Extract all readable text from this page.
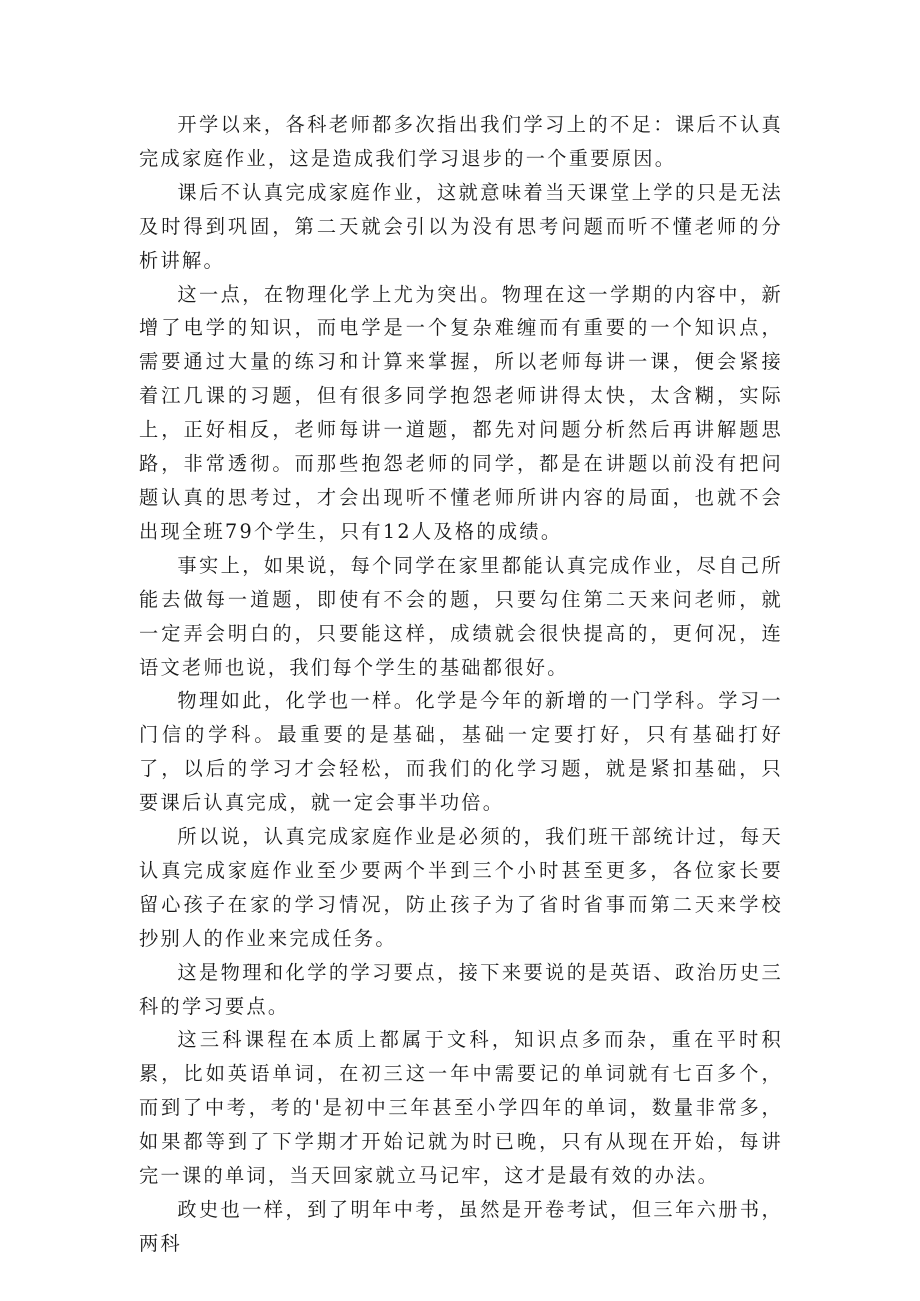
开学以来，各科老师都多次指出我们学习上的不足：课后不认真完成家庭作业，这是造成我们学习退步的一个重要原因。

课后不认真完成家庭作业，这就意味着当天课堂上学的只是无法及时得到巩固，第二天就会引以为没有思考问题而听不懂老师的分析讲解。

这一点，在物理化学上尤为突出。物理在这一学期的内容中，新增了电学的知识，而电学是一个复杂难缠而有重要的一个知识点，需要通过大量的练习和计算来掌握，所以老师每讲一课，便会紧接着江几课的习题，但有很多同学抱怨老师讲得太快，太含糊，实际上，正好相反，老师每讲一道题，都先对问题分析然后再讲解题思路，非常透彻。而那些抱怨老师的同学，都是在讲题以前没有把问题认真的思考过，才会出现听不懂老师所讲内容的局面，也就不会出现全班79个学生，只有12人及格的成绩。

事实上，如果说，每个同学在家里都能认真完成作业，尽自己所能去做每一道题，即使有不会的题，只要勾住第二天来问老师，就一定弄会明白的，只要能这样，成绩就会很快提高的，更何况，连语文老师也说，我们每个学生的基础都很好。

物理如此，化学也一样。化学是今年的新增的一门学科。学习一门信的学科。最重要的是基础，基础一定要打好，只有基础打好了，以后的学习才会轻松，而我们的化学习题，就是紧扣基础，只要课后认真完成，就一定会事半功倍。

所以说，认真完成家庭作业是必须的，我们班干部统计过，每天认真完成家庭作业至少要两个半到三个小时甚至更多，各位家长要留心孩子在家的学习情况，防止孩子为了省时省事而第二天来学校抄别人的作业来完成任务。

这是物理和化学的学习要点，接下来要说的是英语、政治历史三科的学习要点。

这三科课程在本质上都属于文科，知识点多而杂，重在平时积累，比如英语单词，在初三这一年中需要记的单词就有七百多个，而到了中考，考的'是初中三年甚至小学四年的单词，数量非常多，如果都等到了下学期才开始记就为时已晚，只有从现在开始，每讲完一课的单词，当天回家就立马记牢，这才是最有效的办法。

政史也一样，到了明年中考，虽然是开卷考试，但三年六册书，两科
